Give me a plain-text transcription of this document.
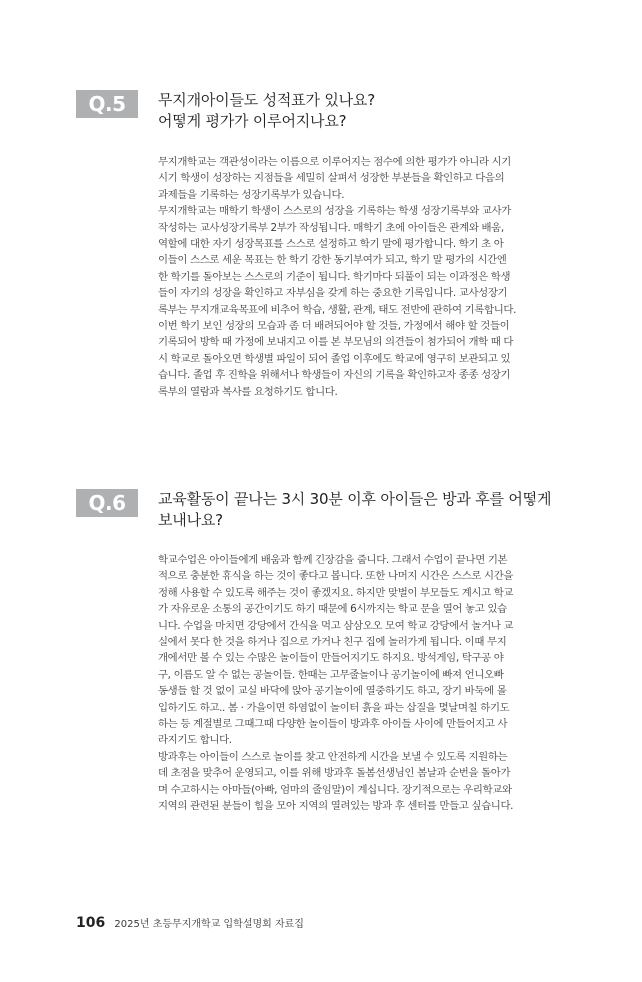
Q.5	무지개아이들도 성적표가 있나요?
어떻게 평가가 이루어지나요?
무지개학교는 객관성이라는 이름으로 이루어지는 점수에 의한 평가가 아니라 시기
시기 학생이 성장하는 지점들을 세밀히 살펴서 성장한 부분들을 확인하고 다음의
과제들을 기록하는 성장기록부가 있습니다.
무지개학교는 매학기 학생이 스스로의 성장을 기록하는 학생 성장기록부와 교사가
작성하는 교사성장기록부 2부가 작성됩니다. 매학기 초에 아이들은 관계와 배움,
역할에 대한 자기 성장목표를 스스로 설정하고 학기 말에 평가합니다. 학기 초 아
이들이 스스로 세운 목표는 한 학기 강한 동기부여가 되고, 학기 말 평가의 시간엔
한 학기를 돌아보는 스스로의 기준이 됩니다. 학기마다 되풀이 되는 이과정은 학생
들이 자기의 성장을 확인하고 자부심을 갖게 하는 중요한 기록입니다. 교사성장기
록부는 무지개교육목표에 비추어 학습, 생활, 관계, 태도 전반에 관하여 기록합니다.
이번 학기 보인 성장의 모습과 좀 더 배려되어야 할 것들, 가정에서 해야 할 것들이
기록되어 방학 때 가정에 보내지고 이를 본 부모님의 의견들이 첨가되어 개학 때 다
시 학교로 돌아오면 학생별 파일이 되어 졸업 이후에도 학교에 영구히 보관되고 있
습니다. 졸업 후 진학을 위해서나 학생들이 자신의 기록을 확인하고자 종종 성장기
록부의 열람과 복사를 요청하기도 합니다.
Q.6	교육활동이 끝나는 3시 30분 이후 아이들은 방과 후를 어떻게
보내나요?
학교수업은 아이들에게 배움과 함께 긴장감을 줍니다. 그래서 수업이 끝나면 기본
적으로 충분한 휴식을 하는 것이 좋다고 봅니다. 또한 나머지 시간은 스스로 시간을
정해 사용할 수 있도록 해주는 것이 좋겠지요. 하지만 맞벌이 부모들도 계시고 학교
가 자유로운 소통의 공간이기도 하기 때문에 6시까지는 학교 문을 열어 놓고 있습
니다. 수업을 마치면 강당에서 간식을 먹고 삼삼오오 모여 학교 강당에서 놀거나 교
실에서 못다 한 것을 하거나 집으로 가거나 친구 집에 놀러가게 됩니다. 이때 무지
개에서만 볼 수 있는 수많은 놀이들이 만들어지기도 하지요. 방석게임, 탁구공 야
구, 이름도 알 수 없는 공놀이들. 한때는 고무줄놀이나 공기놀이에 빠져 언니오빠
동생들 할 것 없이 교실 바닥에 앉아 공기놀이에 열중하기도 하고, 장기 바둑에 몰
입하기도 하고.. 봄 · 가을이면 하염없이 놀이터 흙을 파는 삽질을 몇날며칠 하기도
하는 등 계절별로 그때그때 다양한 놀이들이 방과후 아이들 사이에 만들어지고 사
라지기도 합니다.
방과후는 아이들이 스스로 놀이를 찾고 안전하게 시간을 보낼 수 있도록 지원하는
데 초점을 맞추어 운영되고, 이를 위해 방과후 돌봄선생님인 봄날과 순번을 돌아가
며 수고하시는 아마들(아빠, 엄마의 줄임말)이 계십니다. 장기적으로는 우리학교와
지역의 관련된 분들이 힘을 모아 지역의 열려있는 방과 후 센터를 만들고 싶습니다.
106 2025년 초등무지개학교 입학설명회 자료집
